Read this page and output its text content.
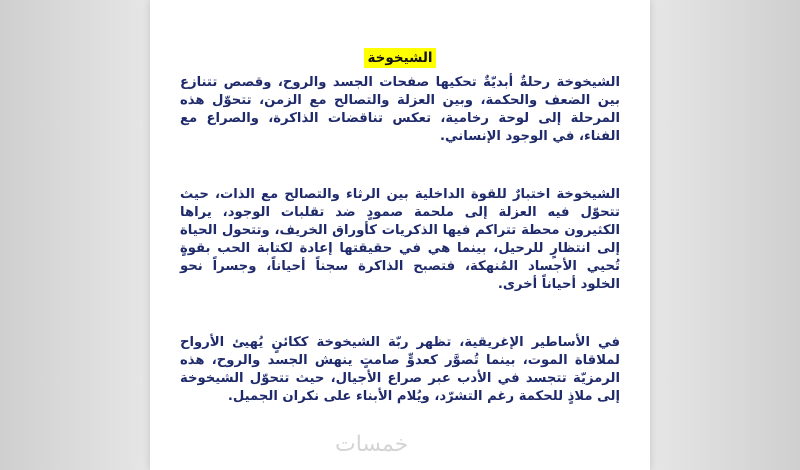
الشيخوخة

الشيخوخة رحلةٌ أبديّةٌ تحكيها صفحات الجسد والروح، وقصص تتنازع بين الضعف والحكمة، وبين العزلة والتصالح مع الزمن، تتحوّل هذه المرحلة إلى لوحة رخامية، تعكس تناقضات الذاكرة، والصراع مع الفناء، في الوجود الإنساني.

الشيخوخة اختبارٌ للقوة الداخلية بين الرثاء والتصالح مع الذات، حيث تتحوّل فيه العزلة إلى ملحمة صمودٍ ضد تقلبات الوجود، يراها الكثيرون محطة تتراكم فيها الذكريات كأوراق الخريف، وتتحول الحياة إلى انتظارٍ للرحيل، بينما هي في حقيقتها إعادة لكتابة الحب بقوةٍ تُحيي الأجساد المُنهكة، فتصبح الذاكرة سجناً أحياناً، وجسراً نحو الخلود أحياناً أخرى.

في الأساطير الإغريقية، تظهر ربّة الشيخوخة ككائنٍ يُهيئ الأرواح لملاقاة الموت، بينما تُصوَّر كعدوٍّ صامتٍ ينهش الجسد والروح، هذه الرمزيّة تتجسد في الأدب عبر صراع الأجيال، حيث تتحوّل الشيخوخة إلى ملاذٍ للحكمة رغم التشرّد، ويُلام الأبناء على نكران الجميل.

خمسات
